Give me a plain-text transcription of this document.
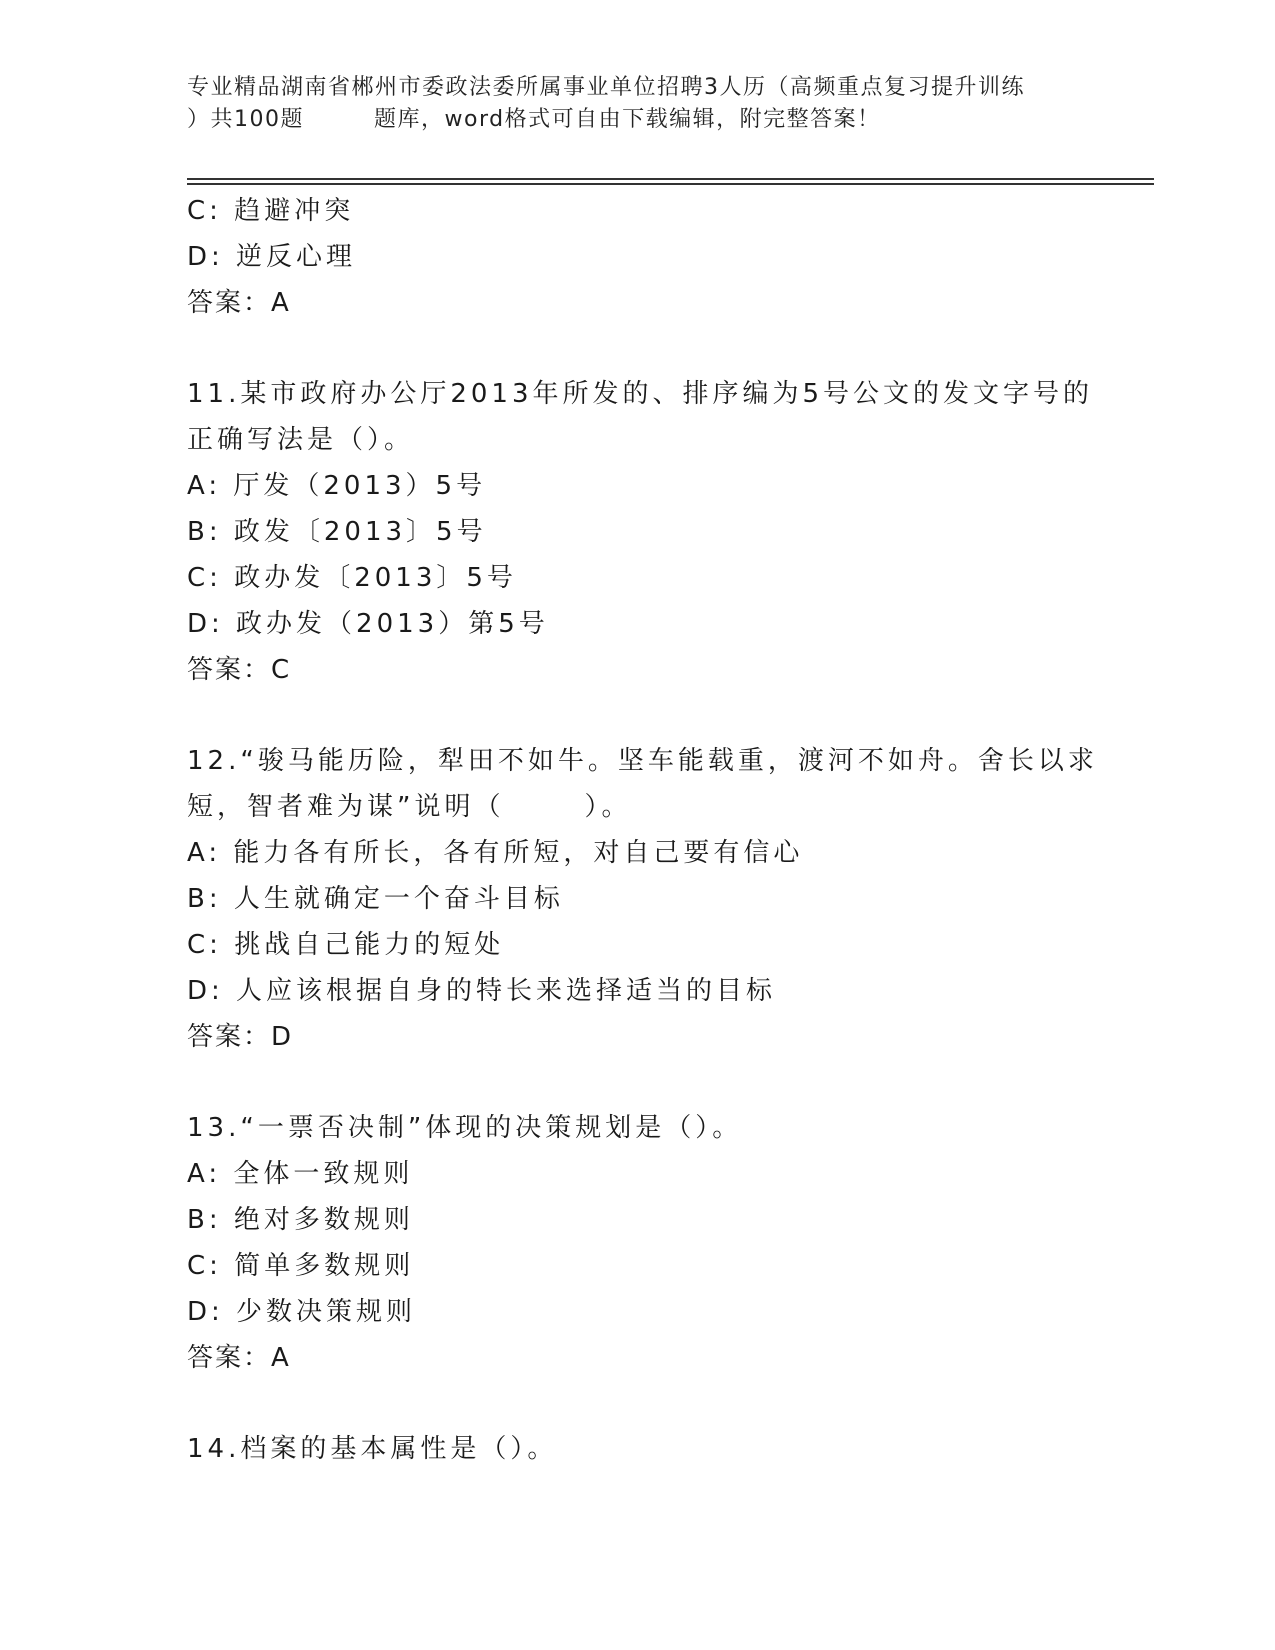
专业精品湖南省郴州市委政法委所属事业单位招聘3人历（高频重点复习提升训练
）共100题	题库，word格式可自由下载编辑，附完整答案！
C: 趋避冲突
D: 逆反心理
答案：A
11.某市政府办公厅2013年所发的、排序编为5号公文的发文字号的
正确写法是（）。
A: 厅发（2013）5号
B: 政发〔2013〕5号
C: 政办发〔2013〕5号
D: 政办发（2013）第5号
答案：C
12.“骏马能历险，犁田不如牛。坚车能载重，渡河不如舟。舍长以求
短，智者难为谋”说明（	）。
A: 能力各有所长，各有所短，对自己要有信心
B: 人生就确定一个奋斗目标
C: 挑战自己能力的短处
D: 人应该根据自身的特长来选择适当的目标
答案：D
13.“一票否决制”体现的决策规划是（）。
A: 全体一致规则
B: 绝对多数规则
C: 简单多数规则
D: 少数决策规则
答案：A
14.档案的基本属性是（）。
